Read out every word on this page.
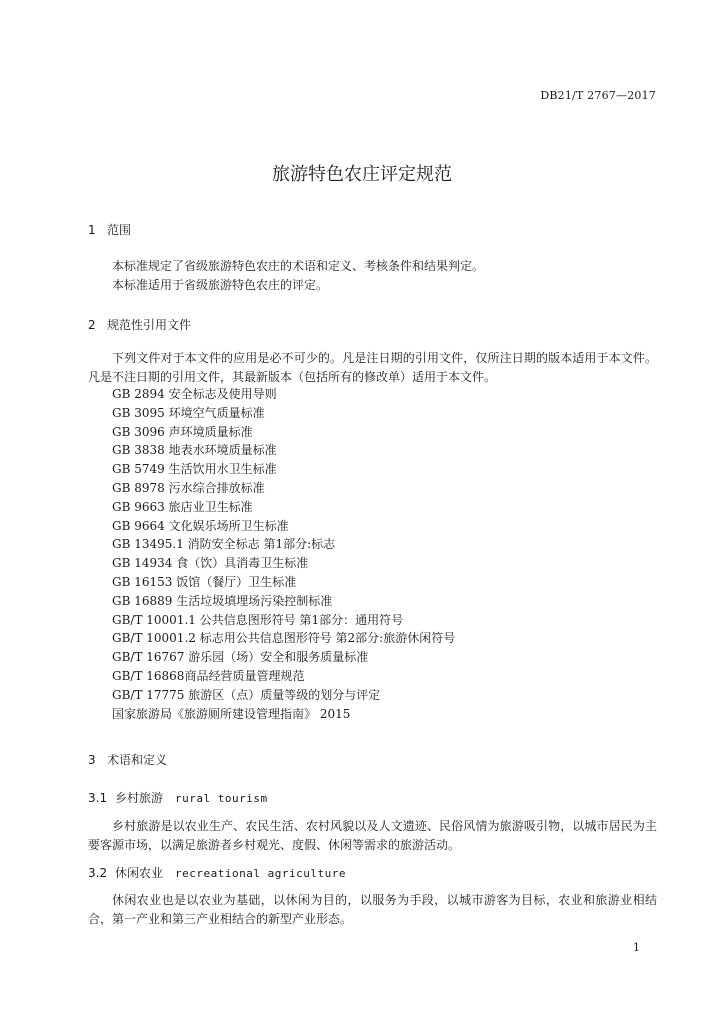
DB21/T 2767—2017
旅游特色农庄评定规范
1 范围
本标准规定了省级旅游特色农庄的术语和定义、考核条件和结果判定。
本标准适用于省级旅游特色农庄的评定。
2 规范性引用文件
下列文件对于本文件的应用是必不可少的。凡是注日期的引用文件，仅所注日期的版本适用于本文件。凡是不注日期的引用文件，其最新版本（包括所有的修改单）适用于本文件。
GB 2894 安全标志及使用导则
GB 3095 环境空气质量标准
GB 3096 声环境质量标准
GB 3838 地表水环境质量标准
GB 5749 生活饮用水卫生标准
GB 8978 污水综合排放标准
GB 9663 旅店业卫生标准
GB 9664 文化娱乐场所卫生标准
GB 13495.1 消防安全标志 第1部分:标志
GB 14934 食（饮）具消毒卫生标准
GB 16153 饭馆（餐厅）卫生标准
GB 16889 生活垃圾填埋场污染控制标准
GB/T 10001.1 公共信息图形符号 第1部分：通用符号
GB/T 10001.2 标志用公共信息图形符号 第2部分:旅游休闲符号
GB/T 16767 游乐园（场）安全和服务质量标准
GB/T 16868商品经营质量管理规范
GB/T 17775 旅游区（点）质量等级的划分与评定
国家旅游局《旅游厕所建设管理指南》 2015
3 术语和定义
3.1 乡村旅游 rural tourism
乡村旅游是以农业生产、农民生活、农村风貌以及人文遗迹、民俗风情为旅游吸引物，以城市居民为主要客源市场，以满足旅游者乡村观光、度假、休闲等需求的旅游活动。
3.2 休闲农业 recreational agriculture
休闲农业也是以农业为基础，以休闲为目的，以服务为手段，以城市游客为目标，农业和旅游业相结合，第一产业和第三产业相结合的新型产业形态。
1
